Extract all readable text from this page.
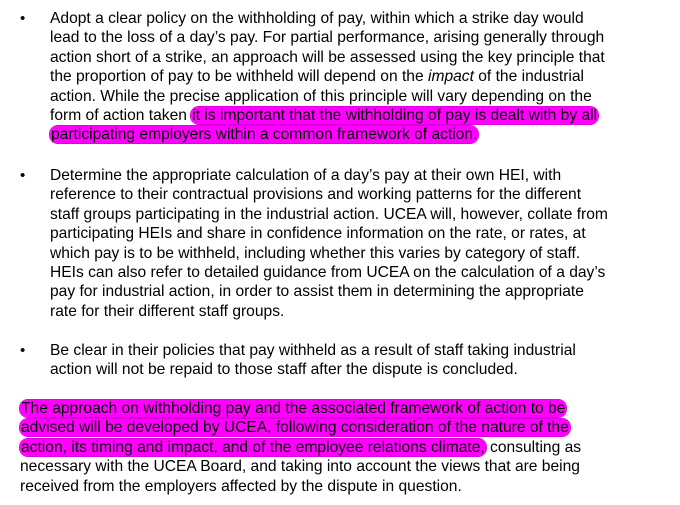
•	Adopt a clear policy on the withholding of pay, within which a strike day would
lead to the loss of a day’s pay. For partial performance, arising generally through
action short of a strike, an approach will be assessed using the key principle that
the proportion of pay to be withheld will depend on the impact of the industrial
action. While the precise application of this principle will vary depending on the
form of action taken it is important that the withholding of pay is dealt with by all
participating employers within a common framework of action.
•	Determine the appropriate calculation of a day’s pay at their own HEI, with
reference to their contractual provisions and working patterns for the different
staff groups participating in the industrial action. UCEA will, however, collate from
participating HEIs and share in confidence information on the rate, or rates, at
which pay is to be withheld, including whether this varies by category of staff.
HEIs can also refer to detailed guidance from UCEA on the calculation of a day’s
pay for industrial action, in order to assist them in determining the appropriate
rate for their different staff groups.
•	Be clear in their policies that pay withheld as a result of staff taking industrial
action will not be repaid to those staff after the dispute is concluded.
The approach on withholding pay and the associated framework of action to be
advised will be developed by UCEA, following consideration of the nature of the
action, its timing and impact, and of the employee relations climate, consulting as
necessary with the UCEA Board, and taking into account the views that are being
received from the employers affected by the dispute in question.
